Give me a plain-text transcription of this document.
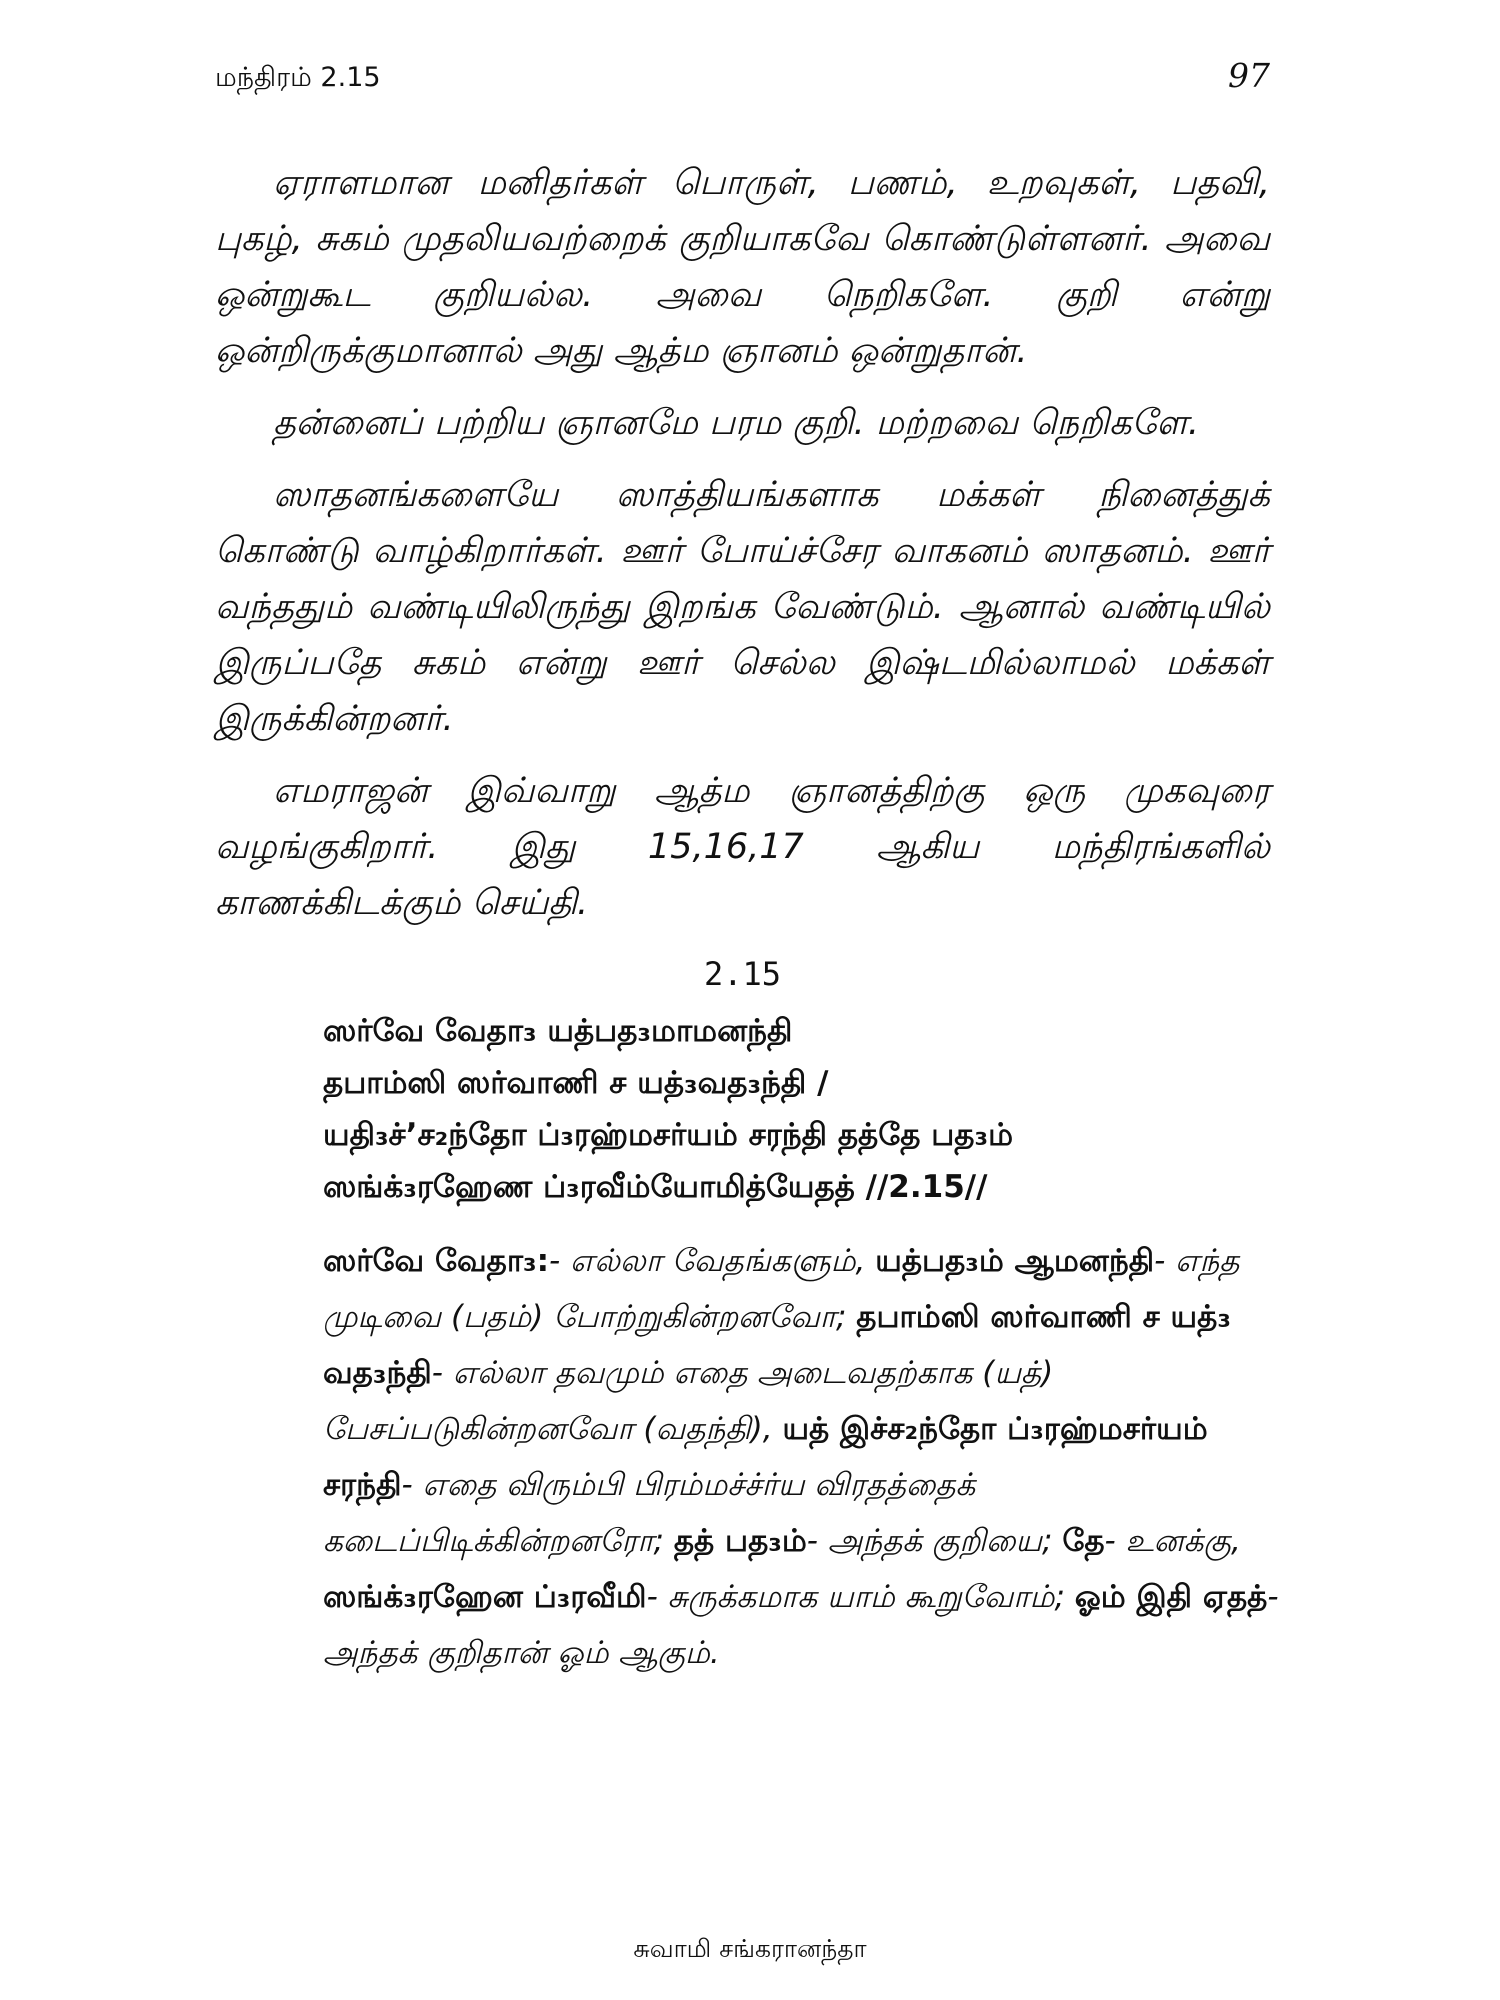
மந்திரம் 2.15	97

ஏராளமான மனிதர்கள் பொருள், பணம், உறவுகள், பதவி, புகழ், சுகம் முதலியவற்றைக் குறியாகவே கொண்டுள்ளனர். அவை ஒன்றுகூட குறியல்ல. அவை நெறிகளே. குறி என்று ஒன்றிருக்குமானால் அது ஆத்ம ஞானம் ஒன்றுதான்.

தன்னைப் பற்றிய ஞானமே பரம குறி. மற்றவை நெறிகளே.

ஸாதனங்களையே ஸாத்தியங்களாக மக்கள் நினைத்துக் கொண்டு வாழ்கிறார்கள். ஊர் போய்ச்சேர வாகனம் ஸாதனம். ஊர் வந்ததும் வண்டியிலிருந்து இறங்க வேண்டும். ஆனால் வண்டியில் இருப்பதே சுகம் என்று ஊர் செல்ல இஷ்டமில்லாமல் மக்கள் இருக்கின்றனர்.

எமராஜன் இவ்வாறு ஆத்ம ஞானத்திற்கு ஒரு முகவுரை வழங்குகிறார். இது 15,16,17 ஆகிய மந்திரங்களில் காணக்கிடக்கும் செய்தி.

2.15
ஸர்வே வேதா₃ யத்பத₃மாமனந்தி
தபாம்ஸி ஸர்வாணி ச யத்₃வத₃ந்தி /
யதி₃ச்’ச₂ந்தோ ப்₃ரஹ்மசர்யம் சரந்தி தத்தே பத₃ம்
ஸங்க்₃ரஹேண ப்₃ரவீம்யோமித்யேதத் //2.15//
ஸர்வே வேதா₃:- எல்லா வேதங்களும், யத்பத₃ம் ஆமனந்தி- எந்த முடிவை (பதம்) போற்றுகின்றனவோ; தபாம்ஸி ஸர்வாணி ச யத்₃ வத₃ந்தி- எல்லா தவமும் எதை அடைவதற்காக (யத்) பேசப்படுகின்றனவோ (வதந்தி), யத் இச்ச₂ந்தோ ப்₃ரஹ்மசர்யம் சரந்தி- எதை விரும்பி பிரம்மச்ச்ர்ய விரதத்தைக் கடைப்பிடிக்கின்றனரோ; தத் பத₃ம்- அந்தக் குறியை; தே- உனக்கு, ஸங்க்₃ரஹேன ப்₃ரவீமி- சுருக்கமாக யாம் கூறுவோம்; ஓம் இதி ஏதத்- அந்தக் குறிதான் ஓம் ஆகும்.
சுவாமி சங்கரானந்தா
